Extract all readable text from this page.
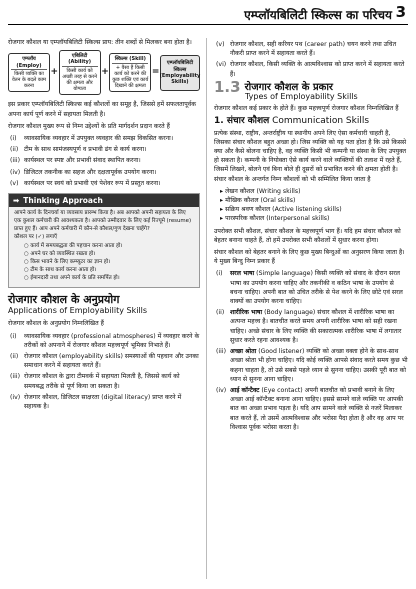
एम्प्लॉयबिलिटी स्किल्स का परिचय 3

रोजगार कौशल या एम्प्लॉयबिलिटी स्किल्स प्राय: तीन शब्दों से मिलकर बना होता है।

एम्प्लॉय (Employ)
किसी व्यक्ति का वेतन के बदले काम करना
+
एबिलिटी (Ability)
किसी कार्य को अच्छी तरह से करने की क्षमता और योग्यता
+
स्किल्स (Skill)
+ वैसा हैं किसी कार्य को करने की कुछ शक्ति एवं कार्य दिखाने की क्षमता
=
एम्प्लॉयबिलिटी स्किल्स (Employability Skills)

इस प्रकार एम्प्लॉयबिलिटी स्किल्स कई कौशलों का समूह है, जिससे हमें सफलतापूर्वक अपना कार्य पूर्ण करने में सहायता मिलती है।

रोजगार कौशल मुख्य रूप से निम्न उद्देश्यों के प्रति मार्गदर्शन प्रदान करते हैं

(i) व्यावसायिक व्यवहार में उपयुक्त व्यवहार की समझ विकसित करना।
(ii) टीम के साथ सामंजस्यपूर्ण व प्रभावी ढंग से कार्य करना।
(iii) कार्यस्थल पर स्पष्ट और प्रभावी संवाद स्थापित करना।
(iv) डिजिटल तकनीक का सहज और दक्षतापूर्वक उपयोग करना।
(v) कार्यस्थल पर स्वयं को प्रभावी एवं पेशेवर रूप में प्रस्तुत करना।
➡ Thinking Approach
आपने कार्य के दिनचर्या या व्यवसाय प्रारम्भ किया है। अब आपको अपनी सहायता के लिए एक कुशल कर्मचारी की आवश्यकता है। आपको उम्मीदवार के लिए कई रिज्यूमे (resume) प्राप्त हुए हैं। आप अपने कर्मचारी में कौन-से कौशल/गुण देखना चाहेंगे?
कौशल पर (✓) लगाएँ
○ कार्य में समयबद्धता की पहचान करना आता हो।
○ अपने घर को व्यवस्थित रखता हो।
○ किस भावने के लिए कम्प्यूटर का ज्ञान हो।
○ टीम के साथ कार्य करना आता हो।
○ ईमानदारी तथा अपने कार्य के प्रति समर्पित हो।
रोजगार कौशल के अनुप्रयोग
Applications of Employability Skills

रोजगार कौशल के अनुप्रयोग निम्नलिखित हैं

(i) व्यावसायिक व्यवहार (professional atmospheres) में व्यवहार करने के तरीकों को अपनाने में रोजगार कौशल महत्त्वपूर्ण भूमिका निभाते हैं।
(ii) रोजगार कौशल (employability skills) समस्याओं की पहचान और उनका समाधान करने में सहायता करते हैं।
(iii) रोजगार कौशल के द्वारा टीमवर्क में सहायता मिलती है, जिससे कार्य को समयबद्ध तरीके से पूर्ण किया जा सकता है।
(iv) रोजगार कौशल, डिजिटल साक्षरता (digital literacy) प्राप्त करने में सहायक है।
(v) रोजगार कौशल, सही करियर पथ (career path) चयन करने तथा उचित नौकरी प्राप्त करने में सहायता करते हैं।
(vi) रोजगार कौशल, किसी व्यक्ति के आत्मविश्वास को प्राप्त करने में सहायता करते हैं।
1.3 रोजगार कौशल के प्रकार
Types of Employability Skills

रोजगार कौशल कई प्रकार के होते हैं। कुछ महत्त्वपूर्ण रोजगार कौशल निम्नलिखित हैं

1. संचार कौशल Communication Skills

प्रत्येक संस्था, राष्ट्रीय, अन्तर्राष्ट्रीय या स्थानीय अपने लिए ऐसा कर्मचारी चाहती है, जिसका संचार कौशल बहुत अच्छा हो। जिस व्यक्ति को यह पता होता है कि उसे किससे क्या और कैसे बोलना चाहिए है, वह व्यक्ति किसी भी कम्पनी या संस्था के लिए उपयुक्त हो सकता है। कम्पनी के नियोक्ता ऐसे कार्य करने वाले व्यक्तियों की तलाश में रहते हैं, जिसमें लिखने, बोलने एवं बिना बोले ही दूसरों को प्रभावित करने की क्षमता होती है। संचार कौशल के अन्तर्गत निम्न कौशलों को भी सम्मिलित किया जाता है

▸ लेखन कौशल (Writing skills)
▸ मौखिक कौशल (Oral skills)
▸ सक्रिय श्रवण कौशल (Active listening skills)
▸ पारस्परिक कौशल (Interpersonal skills)

उपरोक्त सभी कौशल, संचार कौशल के महत्त्वपूर्ण भाग हैं। यदि हम संचार कौशल को बेहतर बनाना चाहते हैं, तो हमें उपरोक्त सभी कौशलों में सुधार करना होगा।

संचार कौशल को बेहतर बनाने के लिए कुछ मुख्य बिन्दुओं का अनुसरण किया जाता है। ये मुख्य बिन्दु निम्न प्रकार हैं

(i) सरल भाषा (Simple language) किसी व्यक्ति को संवाद के दौरान सरल भाषा का उपयोग करना चाहिए और तकनीकी व कठिन भाषा के उपयोग से बचना चाहिए। अपनी बात को उचित तरीके से पेश करने के लिए छोटे एवं सरल वाक्यों का उपयोग करना चाहिए।
(ii) शारीरिक भाषा (Body language) संचार कौशल में शारीरिक भाषा का अत्यन्त महत्त्व है। बातचीत करते समय अपनी शारीरिक भाषा को सही रखना चाहिए। अच्छे संचार के लिए व्यक्ति की सकारात्मक शारीरिक भाषा में लगातार सुधार करते रहना आवश्यक है।
(iii) अच्छा श्रोता (Good listener) व्यक्ति को अच्छा वक्ता होने के साथ-साथ अच्छा श्रोता भी होना चाहिए। यदि कोई व्यक्ति आपसे संवाद करते समय कुछ भी कहना चाहता है, तो उसे सबसे पहले ध्यान से सुनना चाहिए। उसकी पूरी बात को ध्यान से सुनना आना चाहिए।
(iv) आई कॉन्टैक्ट (Eye contact) अपनी बातचीत को प्रभावी बनाने के लिए अच्छा आई कॉन्टैक्ट बनाना आना चाहिए। इससे सामने वाले व्यक्ति पर आपकी बात का अच्छा प्रभाव पड़ता है। यदि आप सामने वाले व्यक्ति से नजरें मिलाकर बात करते हैं, तो उसमें आत्मविश्वास और भरोसा पैदा होता है और वह आप पर विश्वास पूर्वक भरोसा करता है।
